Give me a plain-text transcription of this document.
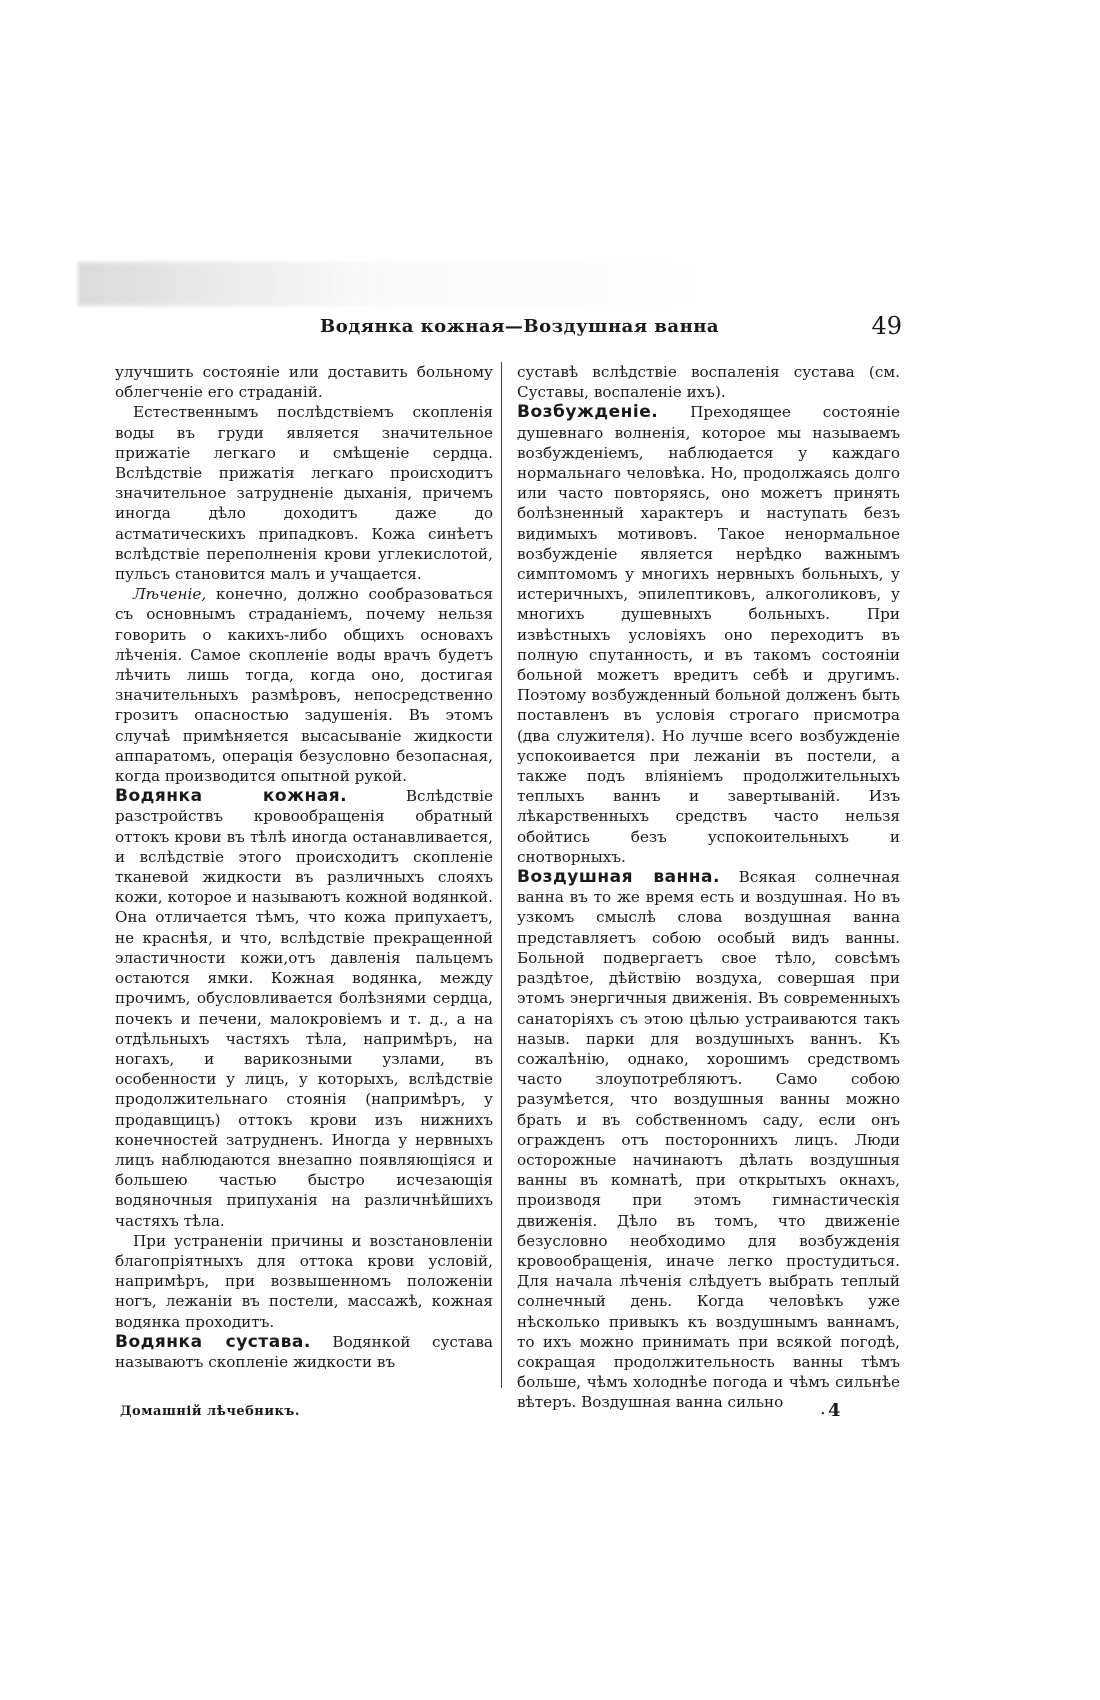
Водянка кожная—Воздушная ванна	49

улучшить состояніе или доставить больному облегченіе его страданій.

Естественнымъ послѣдствіемъ скопленія воды въ груди является значительное прижатіе легкаго и смѣщеніе сердца. Вслѣдствіе прижатія легкаго происходитъ значительное затрудненіе дыханія, причемъ иногда дѣло доходитъ даже до астматическихъ припадковъ. Кожа синѣетъ вслѣдствіе переполненія крови углекислотой, пульсъ становится малъ и учащается.

Лѣченіе, конечно, должно сообразоваться съ основнымъ страданіемъ, почему нельзя говорить о какихъ-либо общихъ основахъ лѣченія. Самое скопленіе воды врачъ будетъ лѣчить лишь тогда, когда оно, достигая значительныхъ размѣровъ, непосредственно грозитъ опасностью задушенія. Въ этомъ случаѣ примѣняется высасываніе жидкости аппаратомъ, операція безусловно безопасная, когда производится опытной рукой.

Водянка кожная. Вслѣдствіе разстройствъ кровообращенія обратный оттокъ крови въ тѣлѣ иногда останавливается, и вслѣдствіе этого происходитъ скопленіе тканевой жидкости въ различныхъ слояхъ кожи, которое и называютъ кожной водянкой. Она отличается тѣмъ, что кожа припухаетъ, не краснѣя, и что, вслѣдствіе прекращенной эластичности кожи,отъ давленія пальцемъ остаются ямки. Кожная водянка, между прочимъ, обусловливается болѣзнями сердца, почекъ и печени, малокровіемъ и т. д., а на отдѣльныхъ частяхъ тѣла, напримѣръ, на ногахъ, и варикозными узлами, въ особенности у лицъ, у которыхъ, вслѣдствіе продолжительнаго стоянія (напримѣръ, у продавщицъ) оттокъ крови изъ нижнихъ конечностей затрудненъ. Иногда у нервныхъ лицъ наблюдаются внезапно появляющіяся и большею частью быстро исчезающія водяночныя припуханія на различнѣйшихъ частяхъ тѣла.

При устраненіи причины и возстановленіи благопріятныхъ для оттока крови условій, напримѣръ, при возвышенномъ положеніи ногъ, лежаніи въ постели, массажѣ, кожная водянка проходитъ.

Водянка сустава. Водянкой сустава называютъ скопленіе жидкости въ

суставѣ вслѣдствіе воспаленія сустава (см. Суставы, воспаленіе ихъ).

Возбужденіе. Преходящее состояніе душевнаго волненія, которое мы называемъ возбужденіемъ, наблюдается у каждаго нормальнаго человѣка. Но, продолжаясь долго или часто повторяясь, оно можетъ принять болѣзненный характеръ и наступать безъ видимыхъ мотивовъ. Такое ненормальное возбужденіе является нерѣдко важнымъ симптомомъ у многихъ нервныхъ больныхъ, у истеричныхъ, эпилептиковъ, алкоголиковъ, у многихъ душевныхъ больныхъ. При извѣстныхъ условіяхъ оно переходитъ въ полную спутанность, и въ такомъ состояніи больной можетъ вредитъ себѣ и другимъ. Поэтому возбужденный больной долженъ быть поставленъ въ условія строгаго присмотра (два служителя). Но лучше всего возбужденіе успокоивается при лежаніи въ постели, а также подъ вліяніемъ продолжительныхъ теплыхъ ваннъ и завертываній. Изъ лѣкарственныхъ средствъ часто нельзя обойтись безъ успокоительныхъ и снотворныхъ.

Воздушная ванна. Всякая солнечная ванна въ то же время есть и воздушная. Но въ узкомъ смыслѣ слова воздушная ванна представляетъ собою особый видъ ванны. Больной подвергаетъ свое тѣло, совсѣмъ раздѣтое, дѣйствію воздуха, совершая при этомъ энергичныя движенія. Въ современныхъ санаторіяхъ съ этою цѣлью устраиваются такъ назыв. парки для воздушныхъ ваннъ. Къ сожалѣнію, однако, хорошимъ средствомъ часто злоупотребляютъ. Само собою разумѣется, что воздушныя ванны можно брать и въ собственномъ саду, если онъ огражденъ отъ постороннихъ лицъ. Люди осторожные начинаютъ дѣлать воздушныя ванны въ комнатѣ, при открытыхъ окнахъ, производя при этомъ гимнастическія движенія. Дѣло въ томъ, что движеніе безусловно необходимо для возбужденія кровообращенія, иначе легко простудиться. Для начала лѣченія слѣдуетъ выбрать теплый солнечный день. Когда человѣкъ уже нѣсколько привыкъ къ воздушнымъ ваннамъ, то ихъ можно принимать при всякой погодѣ, сокращая продолжительность ванны тѣмъ больше, чѣмъ холоднѣе погода и чѣмъ сильнѣе вѣтеръ. Воздушная ванна сильно

Домашній лѣчебникъ.	. 4
